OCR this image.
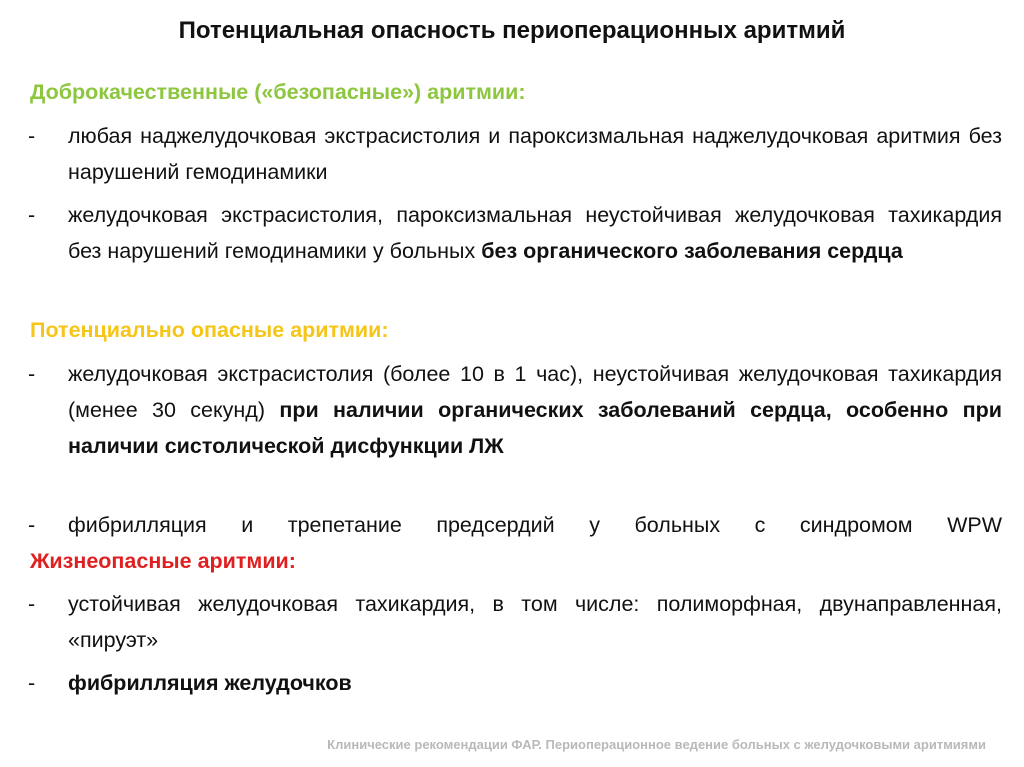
Потенциальная опасность периоперационных аритмий
Доброкачественные («безопасные») аритмии:
-	любая наджелудочковая экстрасистолия и пароксизмальная наджелудочковая аритмия без нарушений гемодинамики
-	желудочковая экстрасистолия, пароксизмальная неустойчивая желудочковая тахикардия без нарушений гемодинамики у больных без органического заболевания сердца
Потенциально опасные аритмии:
-	желудочковая экстрасистолия (более 10 в 1 час), неустойчивая желудочковая тахикардия (менее 30 секунд) при наличии органических заболеваний сердца, особенно при наличии систолической дисфункции ЛЖ
-	фибрилляция и трепетание предсердий у больных с синдромом WPW
Жизнеопасные аритмии:
-	устойчивая желудочковая тахикардия, в том числе: полиморфная, двунаправленная, «пируэт»
-	фибрилляция желудочков
Клинические рекомендации ФАР. Периоперационное ведение больных с желудочковыми аритмиями
